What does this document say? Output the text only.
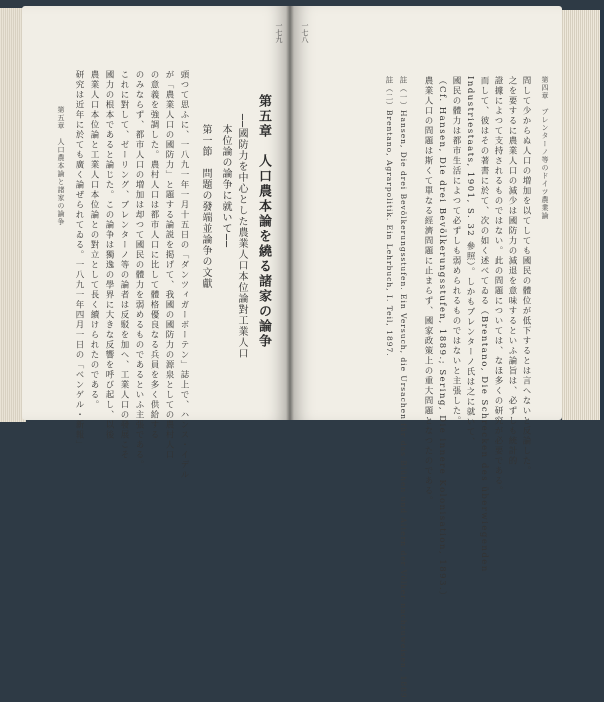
一七九
第五章　人口農本論を繞る諸家の論争
──國防力を中心とした農業人口本位論對工業人口
本位論の論争に就いて──
第一節　問題の發端並論争の文獻
頭つて思ふに、一八九一年一月十五日の「ダンツィガーボーテン」誌上で、ハンス・イデル
が「農業人口の國防力」と題する論説を掲げて、我國の國防力の源泉としての農村人口
の意義を強調した。農村人口は都市人口に比して體格優良なる兵員を多く供給する
のみならず、都市人口の増加は却つて國民の體力を弱めるものであるといふ主張である。
これに對して、ゼーリング、ブレンターノ等の論者は反駁を加へ、工業人口の發展こそ
國力の根本であると論じた。この論争は獨逸の學界に大きな反響を呼び起し、以後
農業人口本位論と工業人口本位論との對立として長く續けられたのである。
研究は近年に於ても廣く論ぜられてゐる。一八九一年四月一日の「ベンゲル・新報」
第五章　人口農本論と諸家の論争	第四章　ブレンターノ等のドイツ農業論
問して少からぬ人口の増加を以てしても國民の體位が低下するとは言へないと反論した。
之を要するに農業人口の減少は國防力の減退を意味するといふ論旨は、必ずしも統計的
證據によつて支持されるものではない。此の問題については、なほ多くの研究が必要である。
而して、彼はその著書に於て、次の如く述べてゐる（Brentano, Die Schrecken des überwiegenden
Industriestaats, 1901, S. 32 參照）。しかもブレンターノ氏は之に就いて、
國民の體力は都市生活によつて必ずしも弱められるものではないと主張した。
（Cf. Hansen, Die drei Bevölkerungsstufen, 1889.; Sering, Die innere Kolonisation, 1893.）
農業人口の問題は斯くて單なる經濟問題に止まらず、國家政策上の重大問題となつたのである。
註（一）Hansen, Die drei Bevölkerungsstufen. Ein Versuch, die Ursachen für das Blühen und Altern der Völker nachzuweisen, 1889.
註（二）Brentano, Agrarpolitik. Ein Lehrbuch, I. Teil, 1897.
一七八
